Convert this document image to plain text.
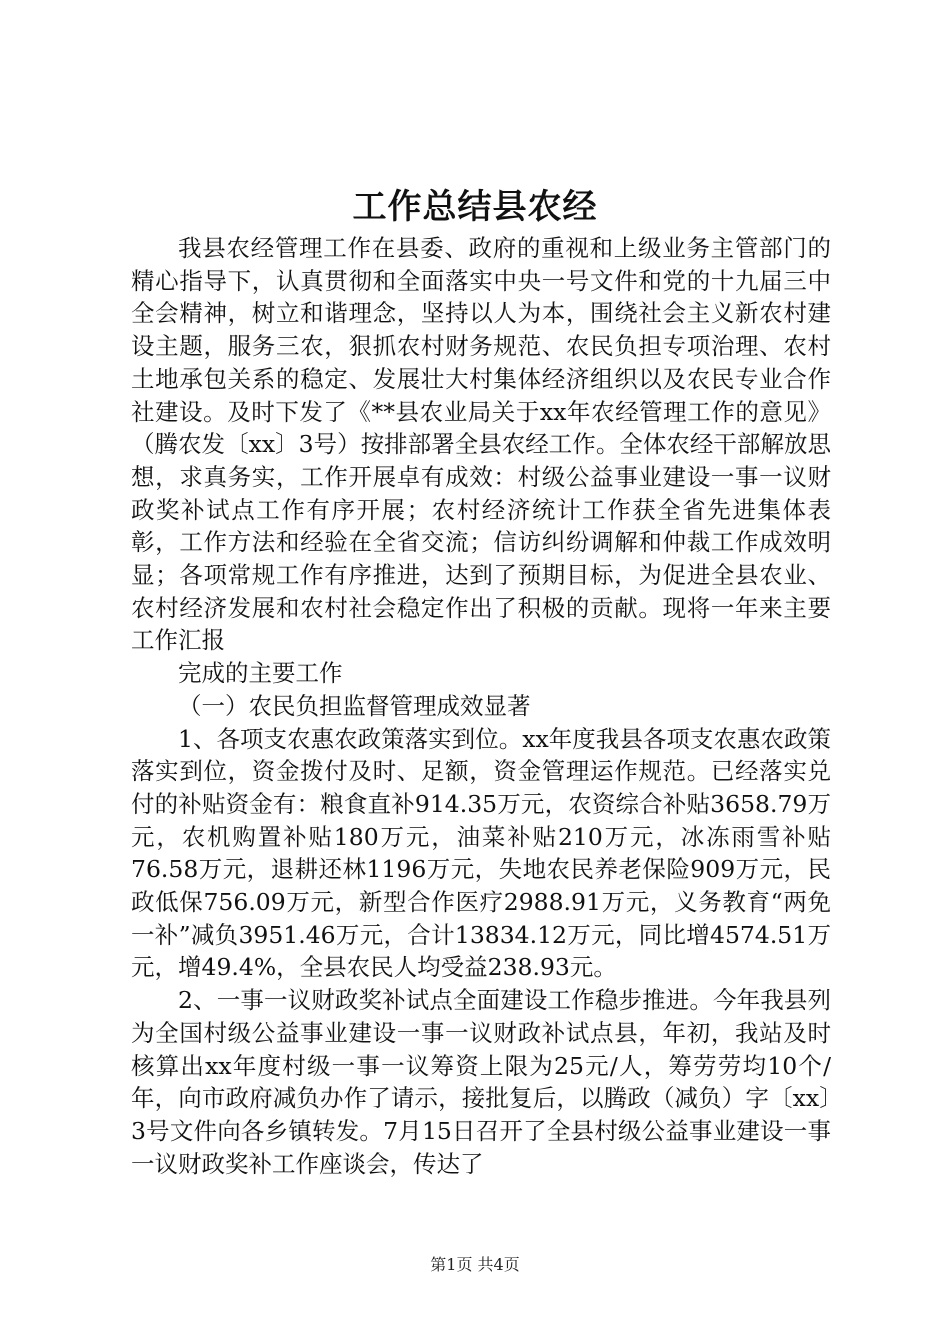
工作总结县农经

我县农经管理工作在县委、政府的重视和上级业务主管部门的精心指导下，认真贯彻和全面落实中央一号文件和党的十九届三中全会精神，树立和谐理念，坚持以人为本，围绕社会主义新农村建设主题，服务三农，狠抓农村财务规范、农民负担专项治理、农村土地承包关系的稳定、发展壮大村集体经济组织以及农民专业合作社建设。及时下发了《**县农业局关于xx年农经管理工作的意见》（腾农发〔xx〕3号）按排部署全县农经工作。全体农经干部解放思想，求真务实，工作开展卓有成效：村级公益事业建设一事一议财政奖补试点工作有序开展；农村经济统计工作获全省先进集体表彰，工作方法和经验在全省交流；信访纠纷调解和仲裁工作成效明显；各项常规工作有序推进，达到了预期目标，为促进全县农业、农村经济发展和农村社会稳定作出了积极的贡献。现将一年来主要工作汇报

完成的主要工作

（一）农民负担监督管理成效显著

1、各项支农惠农政策落实到位。xx年度我县各项支农惠农政策落实到位，资金拨付及时、足额，资金管理运作规范。已经落实兑付的补贴资金有：粮食直补914.35万元，农资综合补贴3658.79万元，农机购置补贴180万元，油菜补贴210万元，冰冻雨雪补贴76.58万元，退耕还林1196万元，失地农民养老保险909万元，民政低保756.09万元，新型合作医疗2988.91万元，义务教育“两免一补”减负3951.46万元，合计13834.12万元，同比增4574.51万元，增49.4%，全县农民人均受益238.93元。

2、一事一议财政奖补试点全面建设工作稳步推进。今年我县列为全国村级公益事业建设一事一议财政补试点县，年初，我站及时核算出xx年度村级一事一议筹资上限为25元/人，筹劳劳均10个/年，向市政府减负办作了请示，接批复后，以腾政（减负）字〔xx〕3号文件向各乡镇转发。7月15日召开了全县村级公益事业建设一事一议财政奖补工作座谈会，传达了

第1页 共4页
